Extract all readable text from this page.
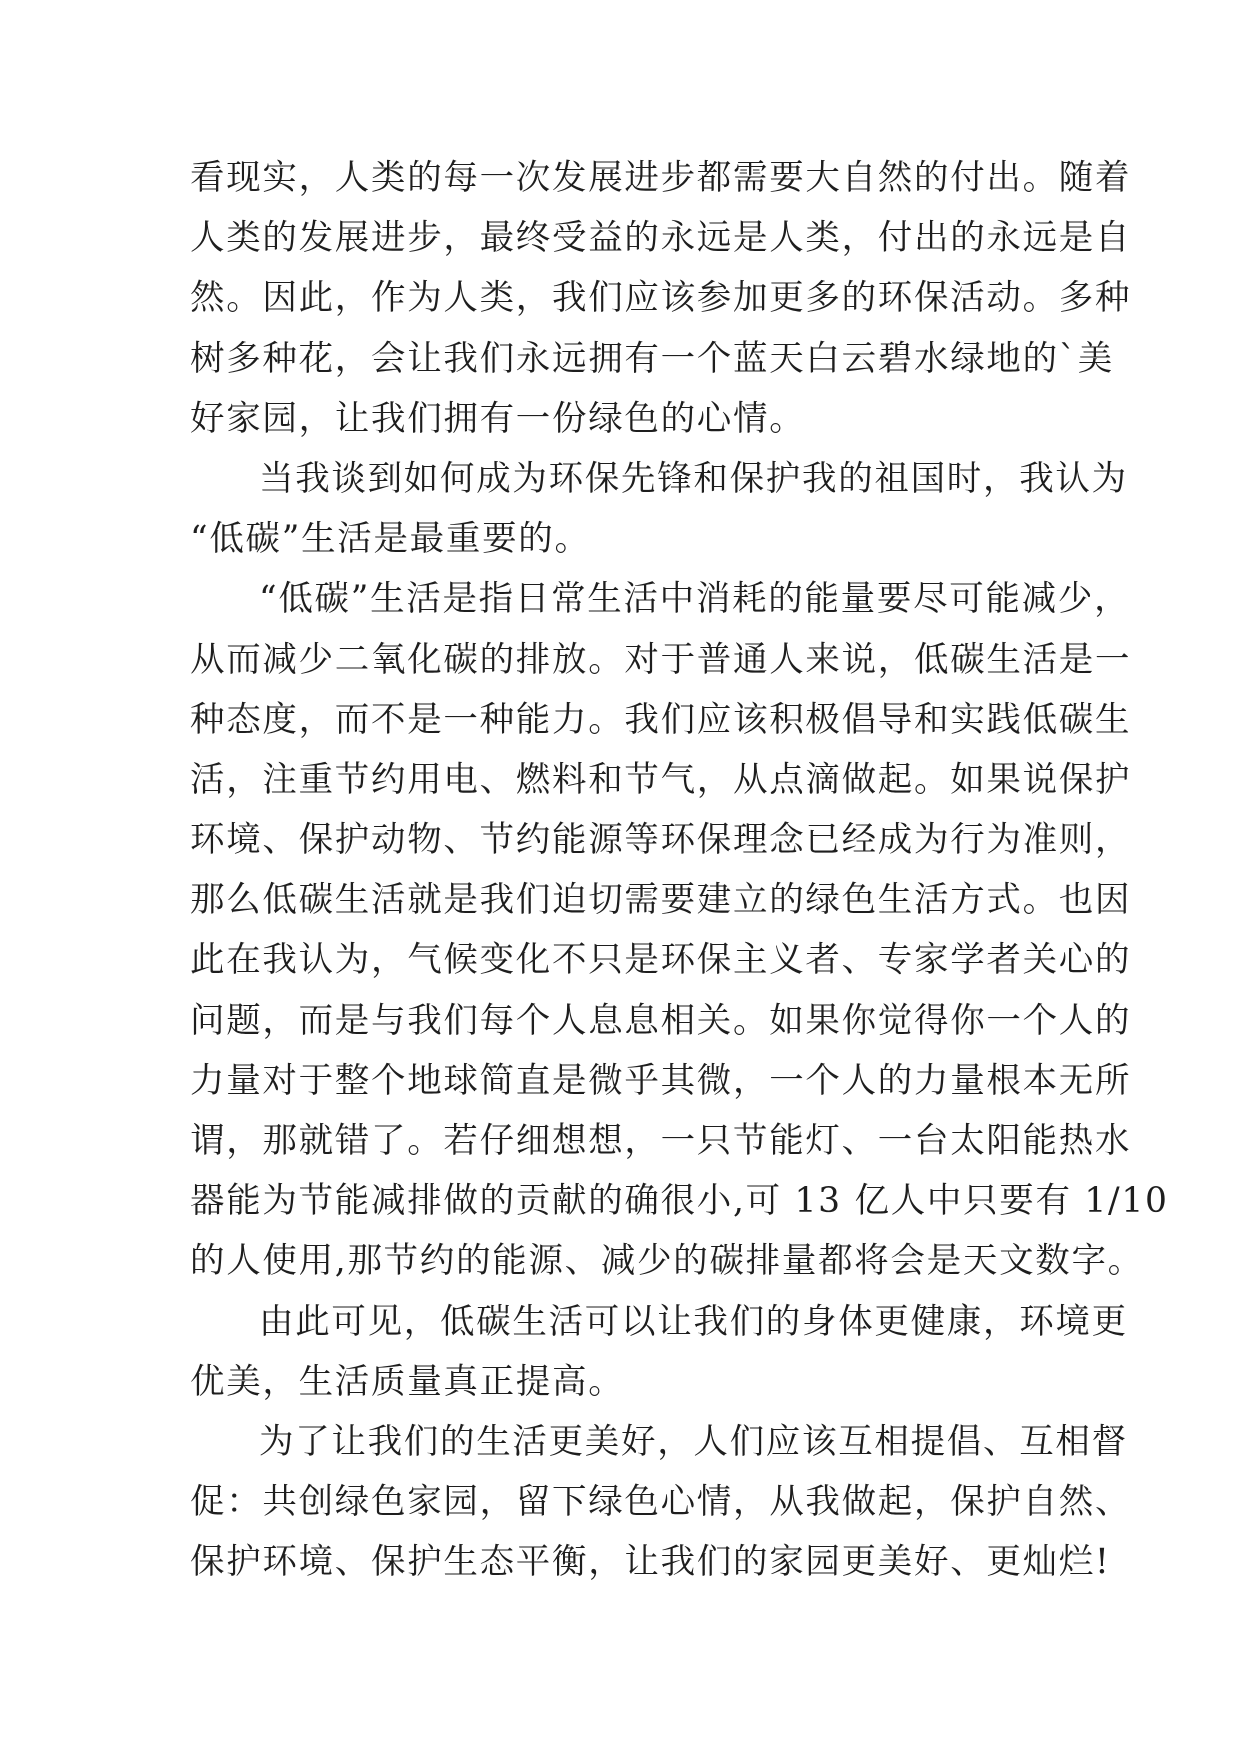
看现实，人类的每一次发展进步都需要大自然的付出。随着
人类的发展进步，最终受益的永远是人类，付出的永远是自
然。因此，作为人类，我们应该参加更多的环保活动。多种
树多种花，会让我们永远拥有一个蓝天白云碧水绿地的`美
好家园，让我们拥有一份绿色的心情。
当我谈到如何成为环保先锋和保护我的祖国时，我认为
“低碳”生活是最重要的。
“低碳”生活是指日常生活中消耗的能量要尽可能减少，
从而减少二氧化碳的排放。对于普通人来说，低碳生活是一
种态度，而不是一种能力。我们应该积极倡导和实践低碳生
活，注重节约用电、燃料和节气，从点滴做起。如果说保护
环境、保护动物、节约能源等环保理念已经成为行为准则，
那么低碳生活就是我们迫切需要建立的绿色生活方式。也因
此在我认为，气候变化不只是环保主义者、专家学者关心的
问题，而是与我们每个人息息相关。如果你觉得你一个人的
力量对于整个地球简直是微乎其微，一个人的力量根本无所
谓，那就错了。若仔细想想，一只节能灯、一台太阳能热水
器能为节能减排做的贡献的确很小,可 13 亿人中只要有 1/10
的人使用,那节约的能源、减少的碳排量都将会是天文数字。
由此可见，低碳生活可以让我们的身体更健康，环境更
优美，生活质量真正提高。
为了让我们的生活更美好，人们应该互相提倡、互相督
促：共创绿色家园，留下绿色心情，从我做起，保护自然、
保护环境、保护生态平衡，让我们的家园更美好、更灿烂!
